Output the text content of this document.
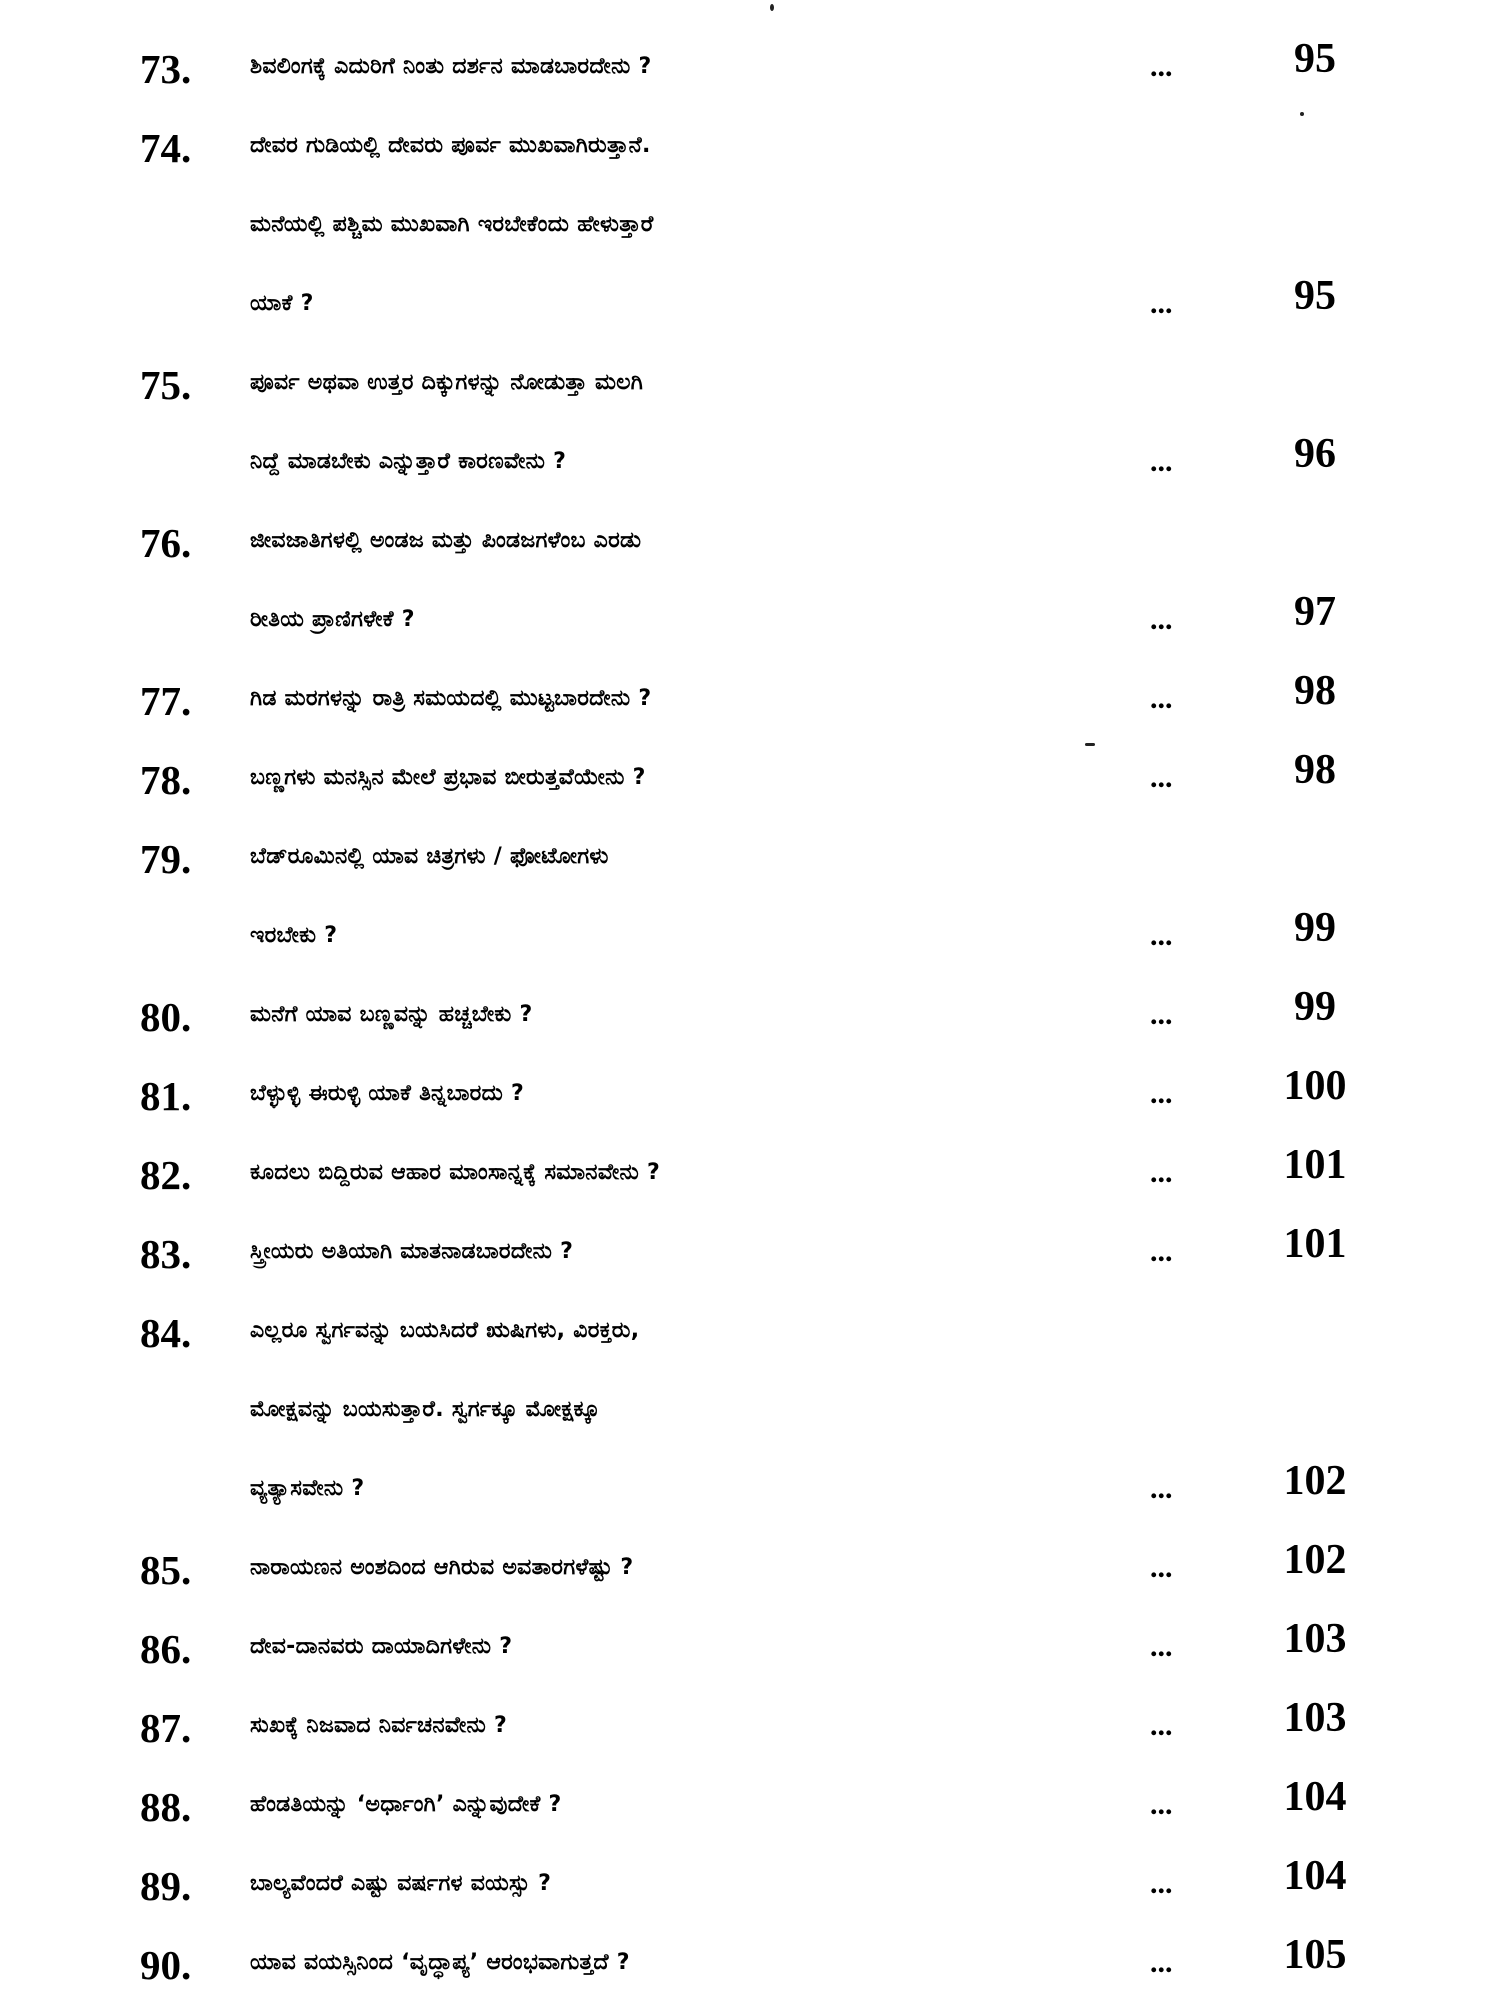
73.	ಶಿವಲಿಂಗಕ್ಕೆ ಎದುರಿಗೆ ನಿಂತು ದರ್ಶನ ಮಾಡಬಾರದೇನು ?	...	95
74.	ದೇವರ ಗುಡಿಯಲ್ಲಿ ದೇವರು ಪೂರ್ವ ಮುಖವಾಗಿರುತ್ತಾನೆ.
ಮನೆಯಲ್ಲಿ ಪಶ್ಚಿಮ ಮುಖವಾಗಿ ಇರಬೇಕೆಂದು ಹೇಳುತ್ತಾರೆ
ಯಾಕೆ ?	...	95
75.	ಪೂರ್ವ ಅಥವಾ ಉತ್ತರ ದಿಕ್ಕುಗಳನ್ನು ನೋಡುತ್ತಾ ಮಲಗಿ
ನಿದ್ದೆ ಮಾಡಬೇಕು ಎನ್ನುತ್ತಾರೆ ಕಾರಣವೇನು ?	...	96
76.	ಜೀವಜಾತಿಗಳಲ್ಲಿ ಅಂಡಜ ಮತ್ತು ಪಿಂಡಜಗಳೆಂಬ ಎರಡು
ರೀತಿಯ ಪ್ರಾಣಿಗಳೇಕೆ ?	...	97
77.	ಗಿಡ ಮರಗಳನ್ನು ರಾತ್ರಿ ಸಮಯದಲ್ಲಿ ಮುಟ್ಟಬಾರದೇನು ?	...	98
78.	ಬಣ್ಣಗಳು ಮನಸ್ಸಿನ ಮೇಲೆ ಪ್ರಭಾವ ಬೀರುತ್ತವೆಯೇನು ?	...	98
79.	ಬೆಡ್‌ರೂಮಿನಲ್ಲಿ ಯಾವ ಚಿತ್ರಗಳು / ಫೋಟೋಗಳು
ಇರಬೇಕು ?	...	99
80.	ಮನೆಗೆ ಯಾವ ಬಣ್ಣವನ್ನು ಹಚ್ಚಬೇಕು ?	...	99
81.	ಬೆಳ್ಳುಳ್ಳಿ ಈರುಳ್ಳಿ ಯಾಕೆ ತಿನ್ನಬಾರದು ?	...	100
82.	ಕೂದಲು ಬಿದ್ದಿರುವ ಆಹಾರ ಮಾಂಸಾನ್ನಕ್ಕೆ ಸಮಾನವೇನು ?	...	101
83.	ಸ್ತ್ರೀಯರು ಅತಿಯಾಗಿ ಮಾತನಾಡಬಾರದೇನು ?	...	101
84.	ಎಲ್ಲರೂ ಸ್ವರ್ಗವನ್ನು ಬಯಸಿದರೆ ಋಷಿಗಳು, ವಿರಕ್ತರು,
ಮೋಕ್ಷವನ್ನು ಬಯಸುತ್ತಾರೆ. ಸ್ವರ್ಗಕ್ಕೂ ಮೋಕ್ಷಕ್ಕೂ
ವ್ಯತ್ಯಾಸವೇನು ?	...	102
85.	ನಾರಾಯಣನ ಅಂಶದಿಂದ ಆಗಿರುವ ಅವತಾರಗಳೆಷ್ಟು ?	...	102
86.	ದೇವ-ದಾನವರು ದಾಯಾದಿಗಳೇನು ?	...	103
87.	ಸುಖಕ್ಕೆ ನಿಜವಾದ ನಿರ್ವಚನವೇನು ?	...	103
88.	ಹೆಂಡತಿಯನ್ನು ‘ಅರ್ಧಾಂಗಿ’ ಎನ್ನುವುದೇಕೆ ?	...	104
89.	ಬಾಲ್ಯವೆಂದರೆ ಎಷ್ಟು ವರ್ಷಗಳ ವಯಸ್ಸು ?	...	104
90.	ಯಾವ ವಯಸ್ಸಿನಿಂದ ‘ವೃದ್ಧಾಪ್ಯ’ ಆರಂಭವಾಗುತ್ತದೆ ?	...	105
